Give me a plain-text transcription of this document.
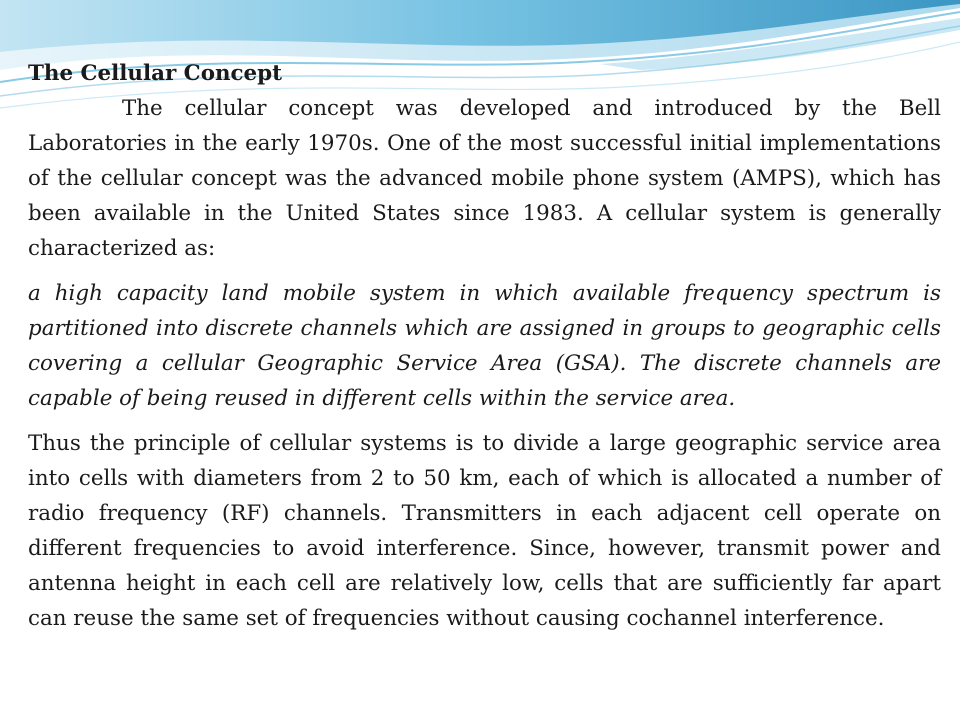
The Cellular Concept

The cellular concept was developed and introduced by the Bell Laboratories in the early 1970s. One of the most successful initial implementations of the cellular concept was the advanced mobile phone system (AMPS), which has been available in the United States since 1983. A cellular system is generally characterized as:

a high capacity land mobile system in which available frequency spectrum is partitioned into discrete channels which are assigned in groups to geographic cells covering a cellular Geographic Service Area (GSA). The discrete channels are capable of being reused in different cells within the service area.

Thus the principle of cellular systems is to divide a large geographic service area into cells with diameters from 2 to 50 km, each of which is allocated a number of radio frequency (RF) channels. Transmitters in each adjacent cell operate on different frequencies to avoid interference. Since, however, transmit power and antenna height in each cell are relatively low, cells that are sufficiently far apart can reuse the same set of frequencies without causing cochannel interference.
